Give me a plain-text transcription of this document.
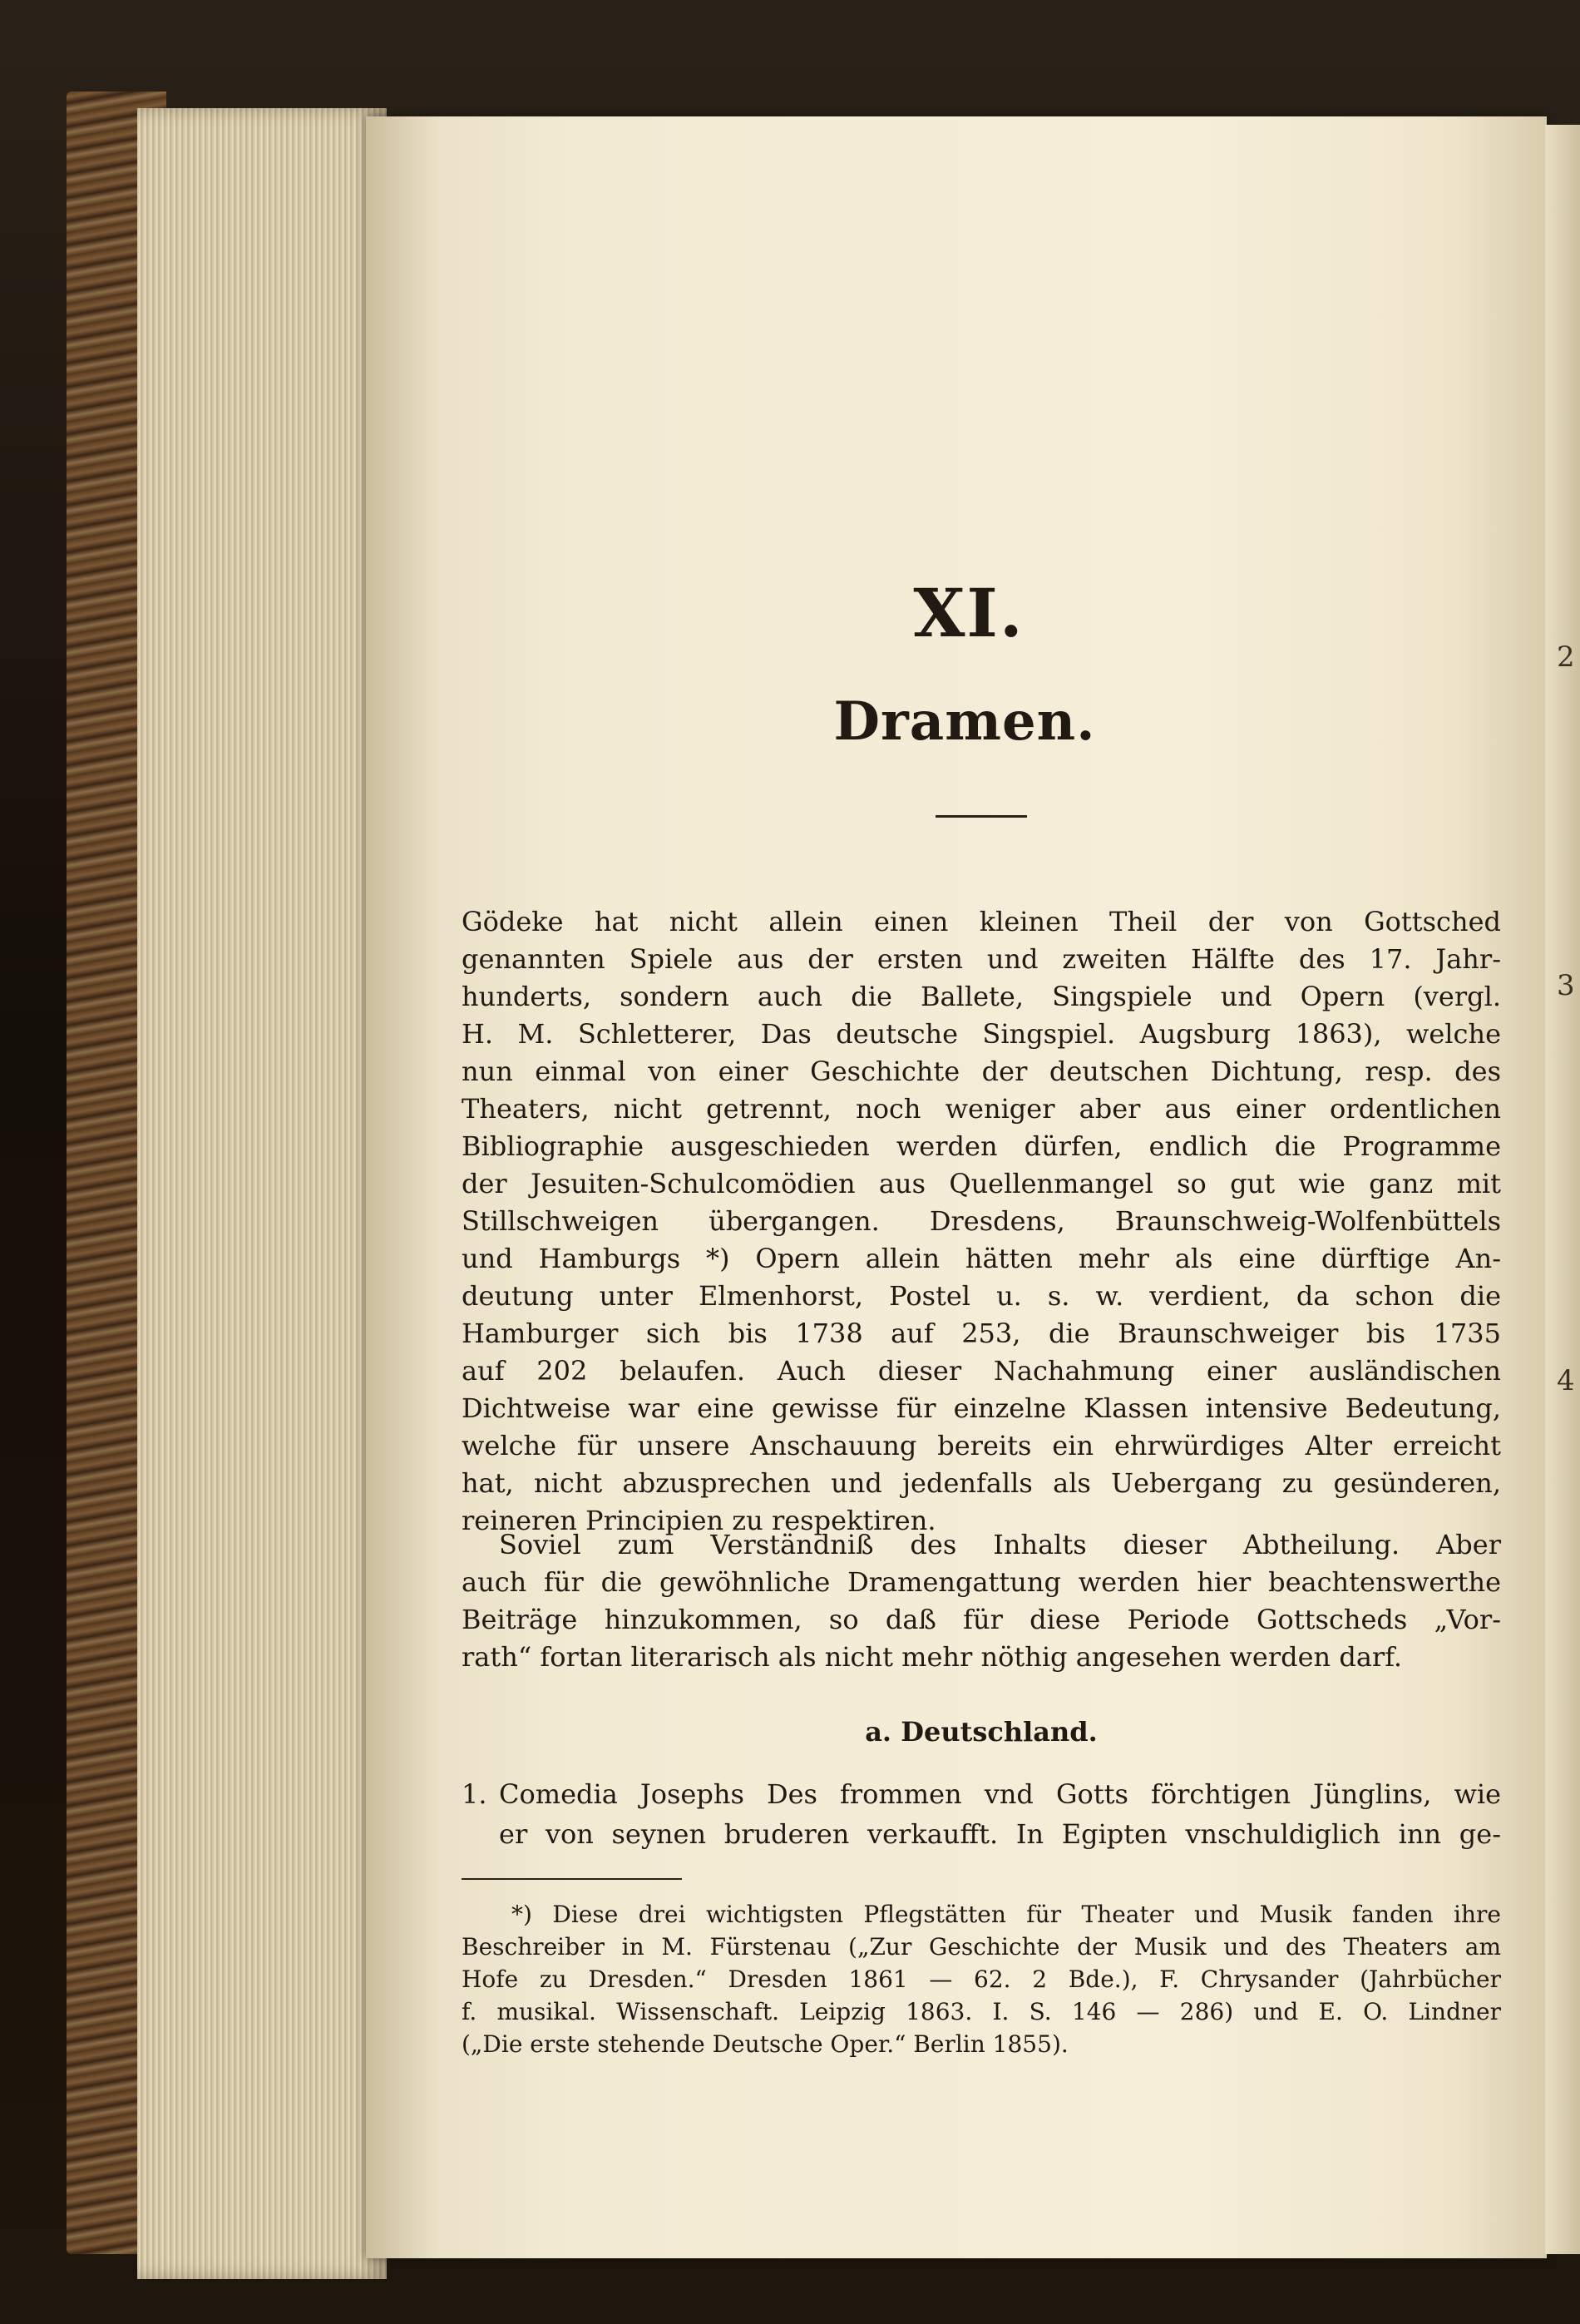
2
3
4

XI.
Dramen.
Gödeke hat nicht allein einen kleinen Theil der von Gottsched
genannten Spiele aus der ersten und zweiten Hälfte des 17. Jahr-
hunderts, sondern auch die Ballete, Singspiele und Opern (vergl.
H. M. Schletterer, Das deutsche Singspiel. Augsburg 1863), welche
nun einmal von einer Geschichte der deutschen Dichtung, resp. des
Theaters, nicht getrennt, noch weniger aber aus einer ordentlichen
Bibliographie ausgeschieden werden dürfen, endlich die Programme
der Jesuiten-Schulcomödien aus Quellenmangel so gut wie ganz mit
Stillschweigen übergangen. Dresdens, Braunschweig-Wolfenbüttels
und Hamburgs *) Opern allein hätten mehr als eine dürftige An-
deutung unter Elmenhorst, Postel u. s. w. verdient, da schon die
Hamburger sich bis 1738 auf 253, die Braunschweiger bis 1735
auf 202 belaufen. Auch dieser Nachahmung einer ausländischen
Dichtweise war eine gewisse für einzelne Klassen intensive Bedeutung,
welche für unsere Anschauung bereits ein ehrwürdiges Alter erreicht
hat, nicht abzusprechen und jedenfalls als Uebergang zu gesünderen,
reineren Principien zu respektiren.
Soviel zum Verständniß des Inhalts dieser Abtheilung. Aber
auch für die gewöhnliche Dramengattung werden hier beachtenswerthe
Beiträge hinzukommen, so daß für diese Periode Gottscheds „Vor-
rath“ fortan literarisch als nicht mehr nöthig angesehen werden darf.
a. Deutschland.
1. Comedia Josephs Des frommen vnd Gotts förchtigen Jünglins, wie
er von seynen bruderen verkaufft. In Egipten vnschuldiglich inn ge-
*) Diese drei wichtigsten Pflegstätten für Theater und Musik fanden ihre
Beschreiber in M. Fürstenau („Zur Geschichte der Musik und des Theaters am
Hofe zu Dresden.“ Dresden 1861 — 62. 2 Bde.), F. Chrysander (Jahrbücher
f. musikal. Wissenschaft. Leipzig 1863. I. S. 146 — 286) und E. O. Lindner
(„Die erste stehende Deutsche Oper.“ Berlin 1855).
